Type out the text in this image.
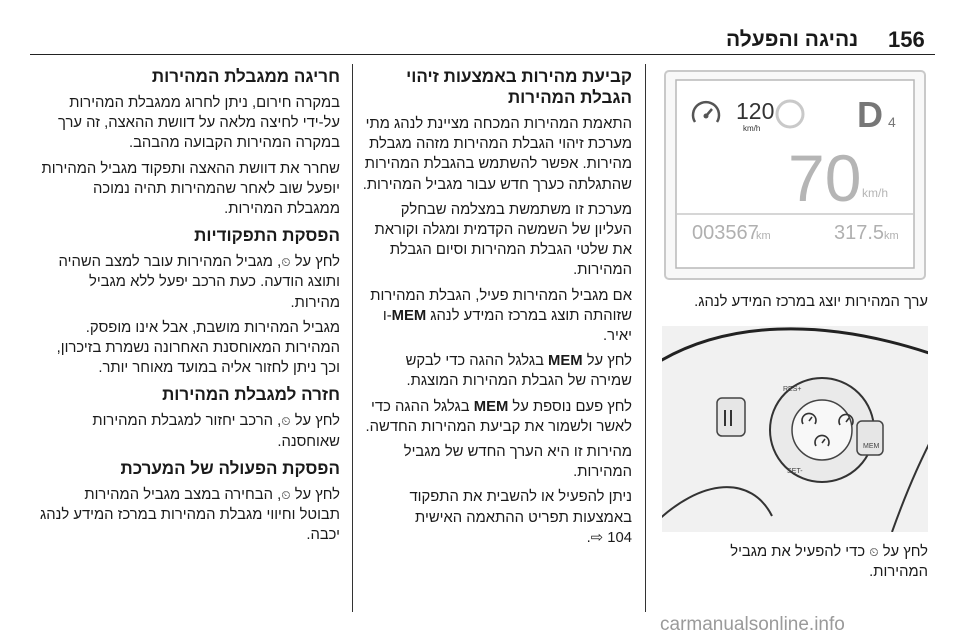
156
נהיגה והפעלה
120
km/h	D 4
70 km/h
003567
km	317.5 km
ערך המהירות יוצג במרכז המידע לנהג.
RES+
SET-
MEM
לחץ על ⏲ כדי להפעיל את מגביל
המהירות.
קביעת מהירות באמצעות זיהוי הגבלת המהירות

התאמת המהירות המכחה מציינת לנהג מתי מערכת זיהוי הגבלת המהירות מזהה מגבלת מהירות. אפשר להשתמש בהגבלת המהירות שהתגלתה כערך חדש עבור מגביל המהירות.

מערכת זו משתמשת במצלמה שבחלק העליון של השמשה הקדמית ומגלה וקוראת את שלטי הגבלת המהירות וסיום הגבלת המהירות.

אם מגביל המהירות פעיל, הגבלת המהירות שזוהתה תוצג במרכז המידע לנהג MEM-ו יאיר.

לחץ על MEM בגלגל ההגה כדי לבקש שמירה של הגבלת המהירות המוצגת.

לחץ פעם נוספת על MEM בגלגל ההגה כדי לאשר ולשמור את קביעת המהירות החדשה.

מהירות זו היא הערך החדש של מגביל המהירות.

ניתן להפעיל או להשבית את התפקוד באמצעות תפריט ההתאמה האישית
104 ⇨.

חריגה ממגבלת המהירות

במקרה חירום, ניתן לחרוג ממגבלת המהירות על-ידי לחיצה מלאה על דוושת ההאצה, זה ערך במקרה המהירות הקבועה מהבהב.

שחרר את דוושת ההאצה ותפקוד מגביל המהירות יופעל שוב לאחר שהמהירות תהיה נמוכה ממגבלת המהירות.

הפסקת התפקודיות

לחץ על ⏲, מגביל המהירות עובר למצב השהיה ותוצג הודעה. כעת הרכב יפעל ללא מגביל מהירות.

מגביל המהירות מושבת, אבל אינו מופסק. המהירות המאוחסנת האחרונה נשמרת בזיכרון, וכך ניתן לחזור אליה במועד מאוחר יותר.

חזרה למגבלת המהירות

לחץ על ⏲, הרכב יחזור למגבלת המהירות שאוחסנה.

הפסקת הפעולה של המערכת

לחץ על ⏲, הבחירה במצב מגביל המהירות תבוטל וחיווי מגבלת המהירות במרכז המידע לנהג יכבה.

carmanualsonline.info
